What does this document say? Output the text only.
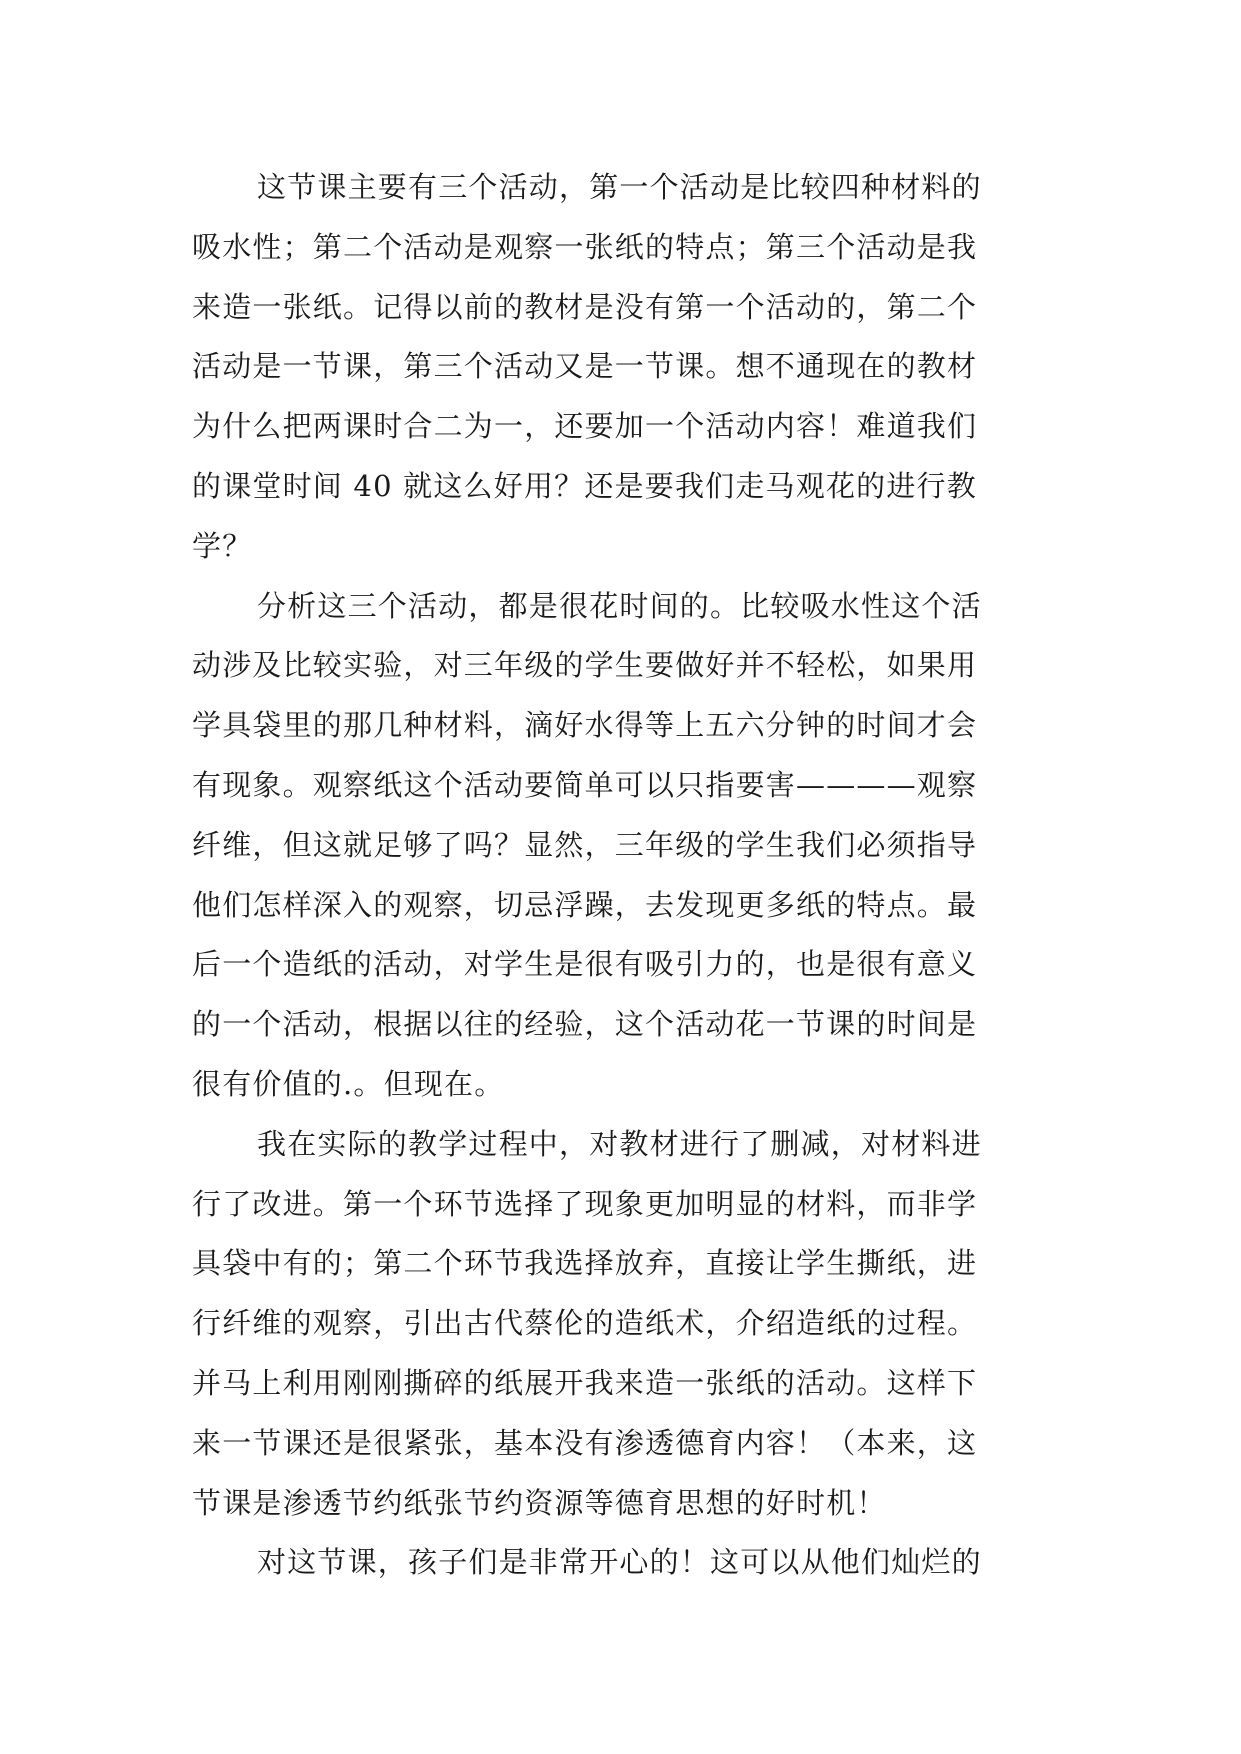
这节课主要有三个活动，第一个活动是比较四种材料的
吸水性；第二个活动是观察一张纸的特点；第三个活动是我
来造一张纸。记得以前的教材是没有第一个活动的，第二个
活动是一节课，第三个活动又是一节课。想不通现在的教材
为什么把两课时合二为一，还要加一个活动内容！难道我们
的课堂时间 40 就这么好用？还是要我们走马观花的进行教
学？
分析这三个活动，都是很花时间的。比较吸水性这个活
动涉及比较实验，对三年级的学生要做好并不轻松，如果用
学具袋里的那几种材料，滴好水得等上五六分钟的时间才会
有现象。观察纸这个活动要简单可以只指要害————观察
纤维，但这就足够了吗？显然，三年级的学生我们必须指导
他们怎样深入的观察，切忌浮躁，去发现更多纸的特点。最
后一个造纸的活动，对学生是很有吸引力的，也是很有意义
的一个活动，根据以往的经验，这个活动花一节课的时间是
很有价值的.。但现在。
我在实际的教学过程中，对教材进行了删减，对材料进
行了改进。第一个环节选择了现象更加明显的材料，而非学
具袋中有的；第二个环节我选择放弃，直接让学生撕纸，进
行纤维的观察，引出古代蔡伦的造纸术，介绍造纸的过程。
并马上利用刚刚撕碎的纸展开我来造一张纸的活动。这样下
来一节课还是很紧张，基本没有渗透德育内容！（本来，这
节课是渗透节约纸张节约资源等德育思想的好时机！
对这节课，孩子们是非常开心的！这可以从他们灿烂的
